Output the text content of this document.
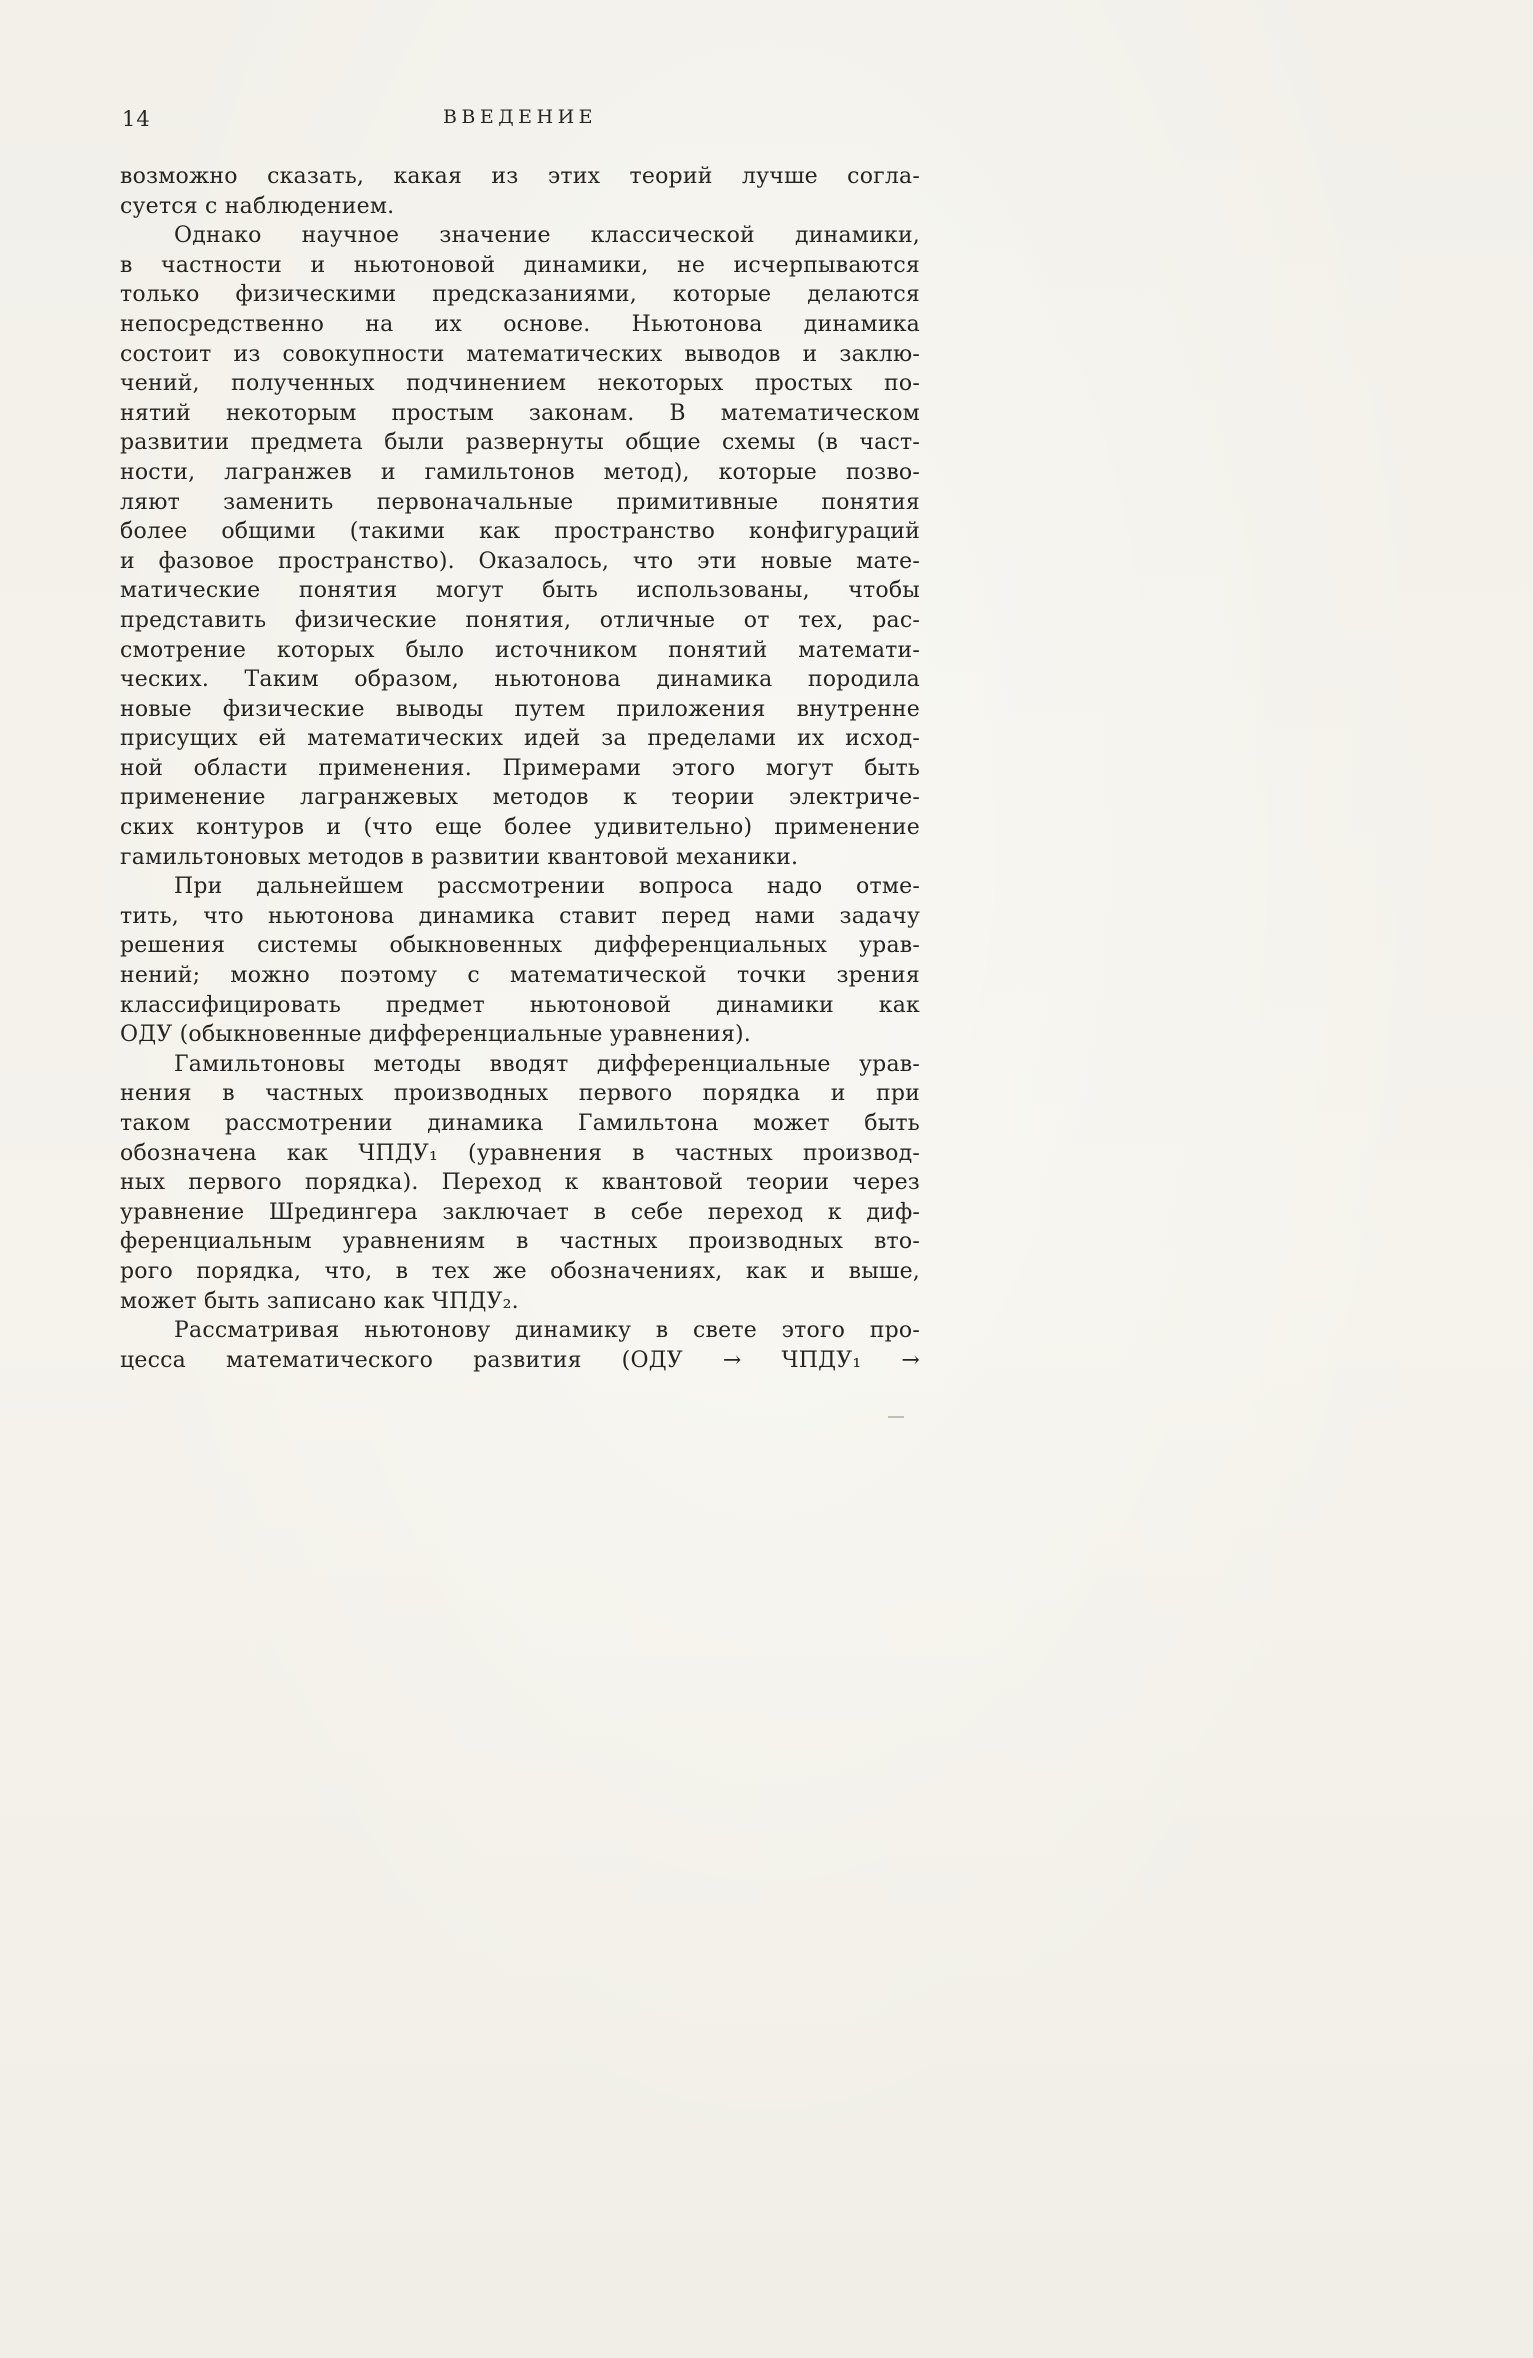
14	ВВЕДЕНИЕ
возможно сказать, какая из этих теорий лучше согла-
суется с наблюдением.
Однако научное значение классической динамики,
в частности и ньютоновой динамики, не исчерпываются
только физическими предсказаниями, которые делаются
непосредственно на их основе. Ньютонова динамика
состоит из совокупности математических выводов и заклю-
чений, полученных подчинением некоторых простых по-
нятий некоторым простым законам. В математическом
развитии предмета были развернуты общие схемы (в част-
ности, лагранжев и гамильтонов метод), которые позво-
ляют заменить первоначальные примитивные понятия
более общими (такими как пространство конфигураций
и фазовое пространство). Оказалось, что эти новые мате-
матические понятия могут быть использованы, чтобы
представить физические понятия, отличные от тех, рас-
смотрение которых было источником понятий математи-
ческих. Таким образом, ньютонова динамика породила
новые физические выводы путем приложения внутренне
присущих ей математических идей за пределами их исход-
ной области применения. Примерами этого могут быть
применение лагранжевых методов к теории электриче-
ских контуров и (что еще более удивительно) применение
гамильтоновых методов в развитии квантовой механики.
При дальнейшем рассмотрении вопроса надо отме-
тить, что ньютонова динамика ставит перед нами задачу
решения системы обыкновенных дифференциальных урав-
нений; можно поэтому с математической точки зрения
классифицировать предмет ньютоновой динамики как
ОДУ (обыкновенные дифференциальные уравнения).
Гамильтоновы методы вводят дифференциальные урав-
нения в частных производных первого порядка и при
таком рассмотрении динамика Гамильтона может быть
обозначена как ЧПДУ₁ (уравнения в частных производ-
ных первого порядка). Переход к квантовой теории через
уравнение Шредингера заключает в себе переход к диф-
ференциальным уравнениям в частных производных вто-
рого порядка, что, в тех же обозначениях, как и выше,
может быть записано как ЧПДУ₂.
Рассматривая ньютонову динамику в свете этого про-
цесса математического развития (ОДУ → ЧПДУ₁ →
